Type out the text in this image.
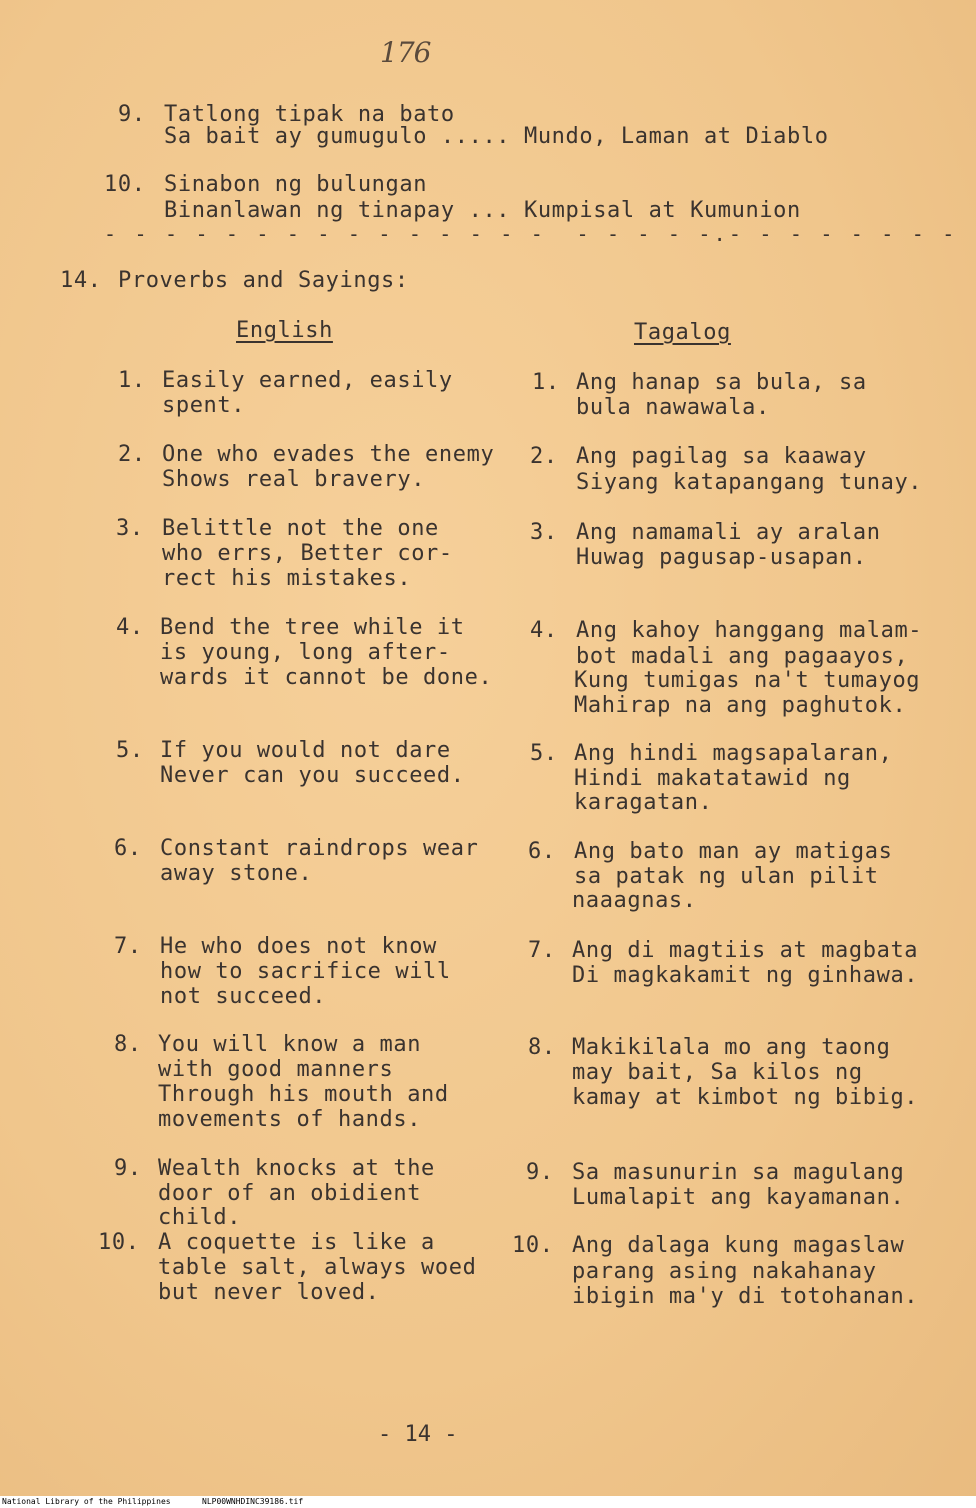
176
9. Tatlong tipak na bato
Sa bait ay gumugulo ..... Mundo, Laman at Diablo
10. Sinabon ng bulungan
Binanlawan ng tinapay ... Kumpisal at Kumunion
- - - - - - - - - - - - - - -  - - - - -.- - - - - - - -
14. Proverbs and Sayings:
English	Tagalog
1. Easily earned, easily
spent.
1. Ang hanap sa bula, sa
bula nawawala.
2. One who evades the enemy
Shows real bravery.
2. Ang pagilag sa kaaway
Siyang katapangang tunay.
3. Belittle not the one
who errs, Better cor-
rect his mistakes.
3. Ang namamali ay aralan
Huwag pagusap-usapan.
4. Bend the tree while it
is young, long after-
wards it cannot be done.
4. Ang kahoy hanggang malam-
bot madali ang pagaayos,
Kung tumigas na't tumayog
Mahirap na ang paghutok.
5. If you would not dare
Never can you succeed.
5. Ang hindi magsapalaran,
Hindi makatatawid ng
karagatan.
6. Constant raindrops wear
away stone.
6. Ang bato man ay matigas
sa patak ng ulan pilit
naaagnas.
7. He who does not know
how to sacrifice will
not succeed.
7. Ang di magtiis at magbata
Di magkakamit ng ginhawa.
8. You will know a man
with good manners
Through his mouth and
movements of hands.
8. Makikilala mo ang taong
may bait, Sa kilos ng
kamay at kimbot ng bibig.
9. Wealth knocks at the
door of an obidient
child.
9. Sa masunurin sa magulang
Lumalapit ang kayamanan.
10. A coquette is like a
table salt, always woed
but never loved.
10. Ang dalaga kung magaslaw
parang asing nakahanay
ibigin ma'y di totohanan.
- 14 -
National Library of the Philippines	NLP00WNHDINC39186.tif
